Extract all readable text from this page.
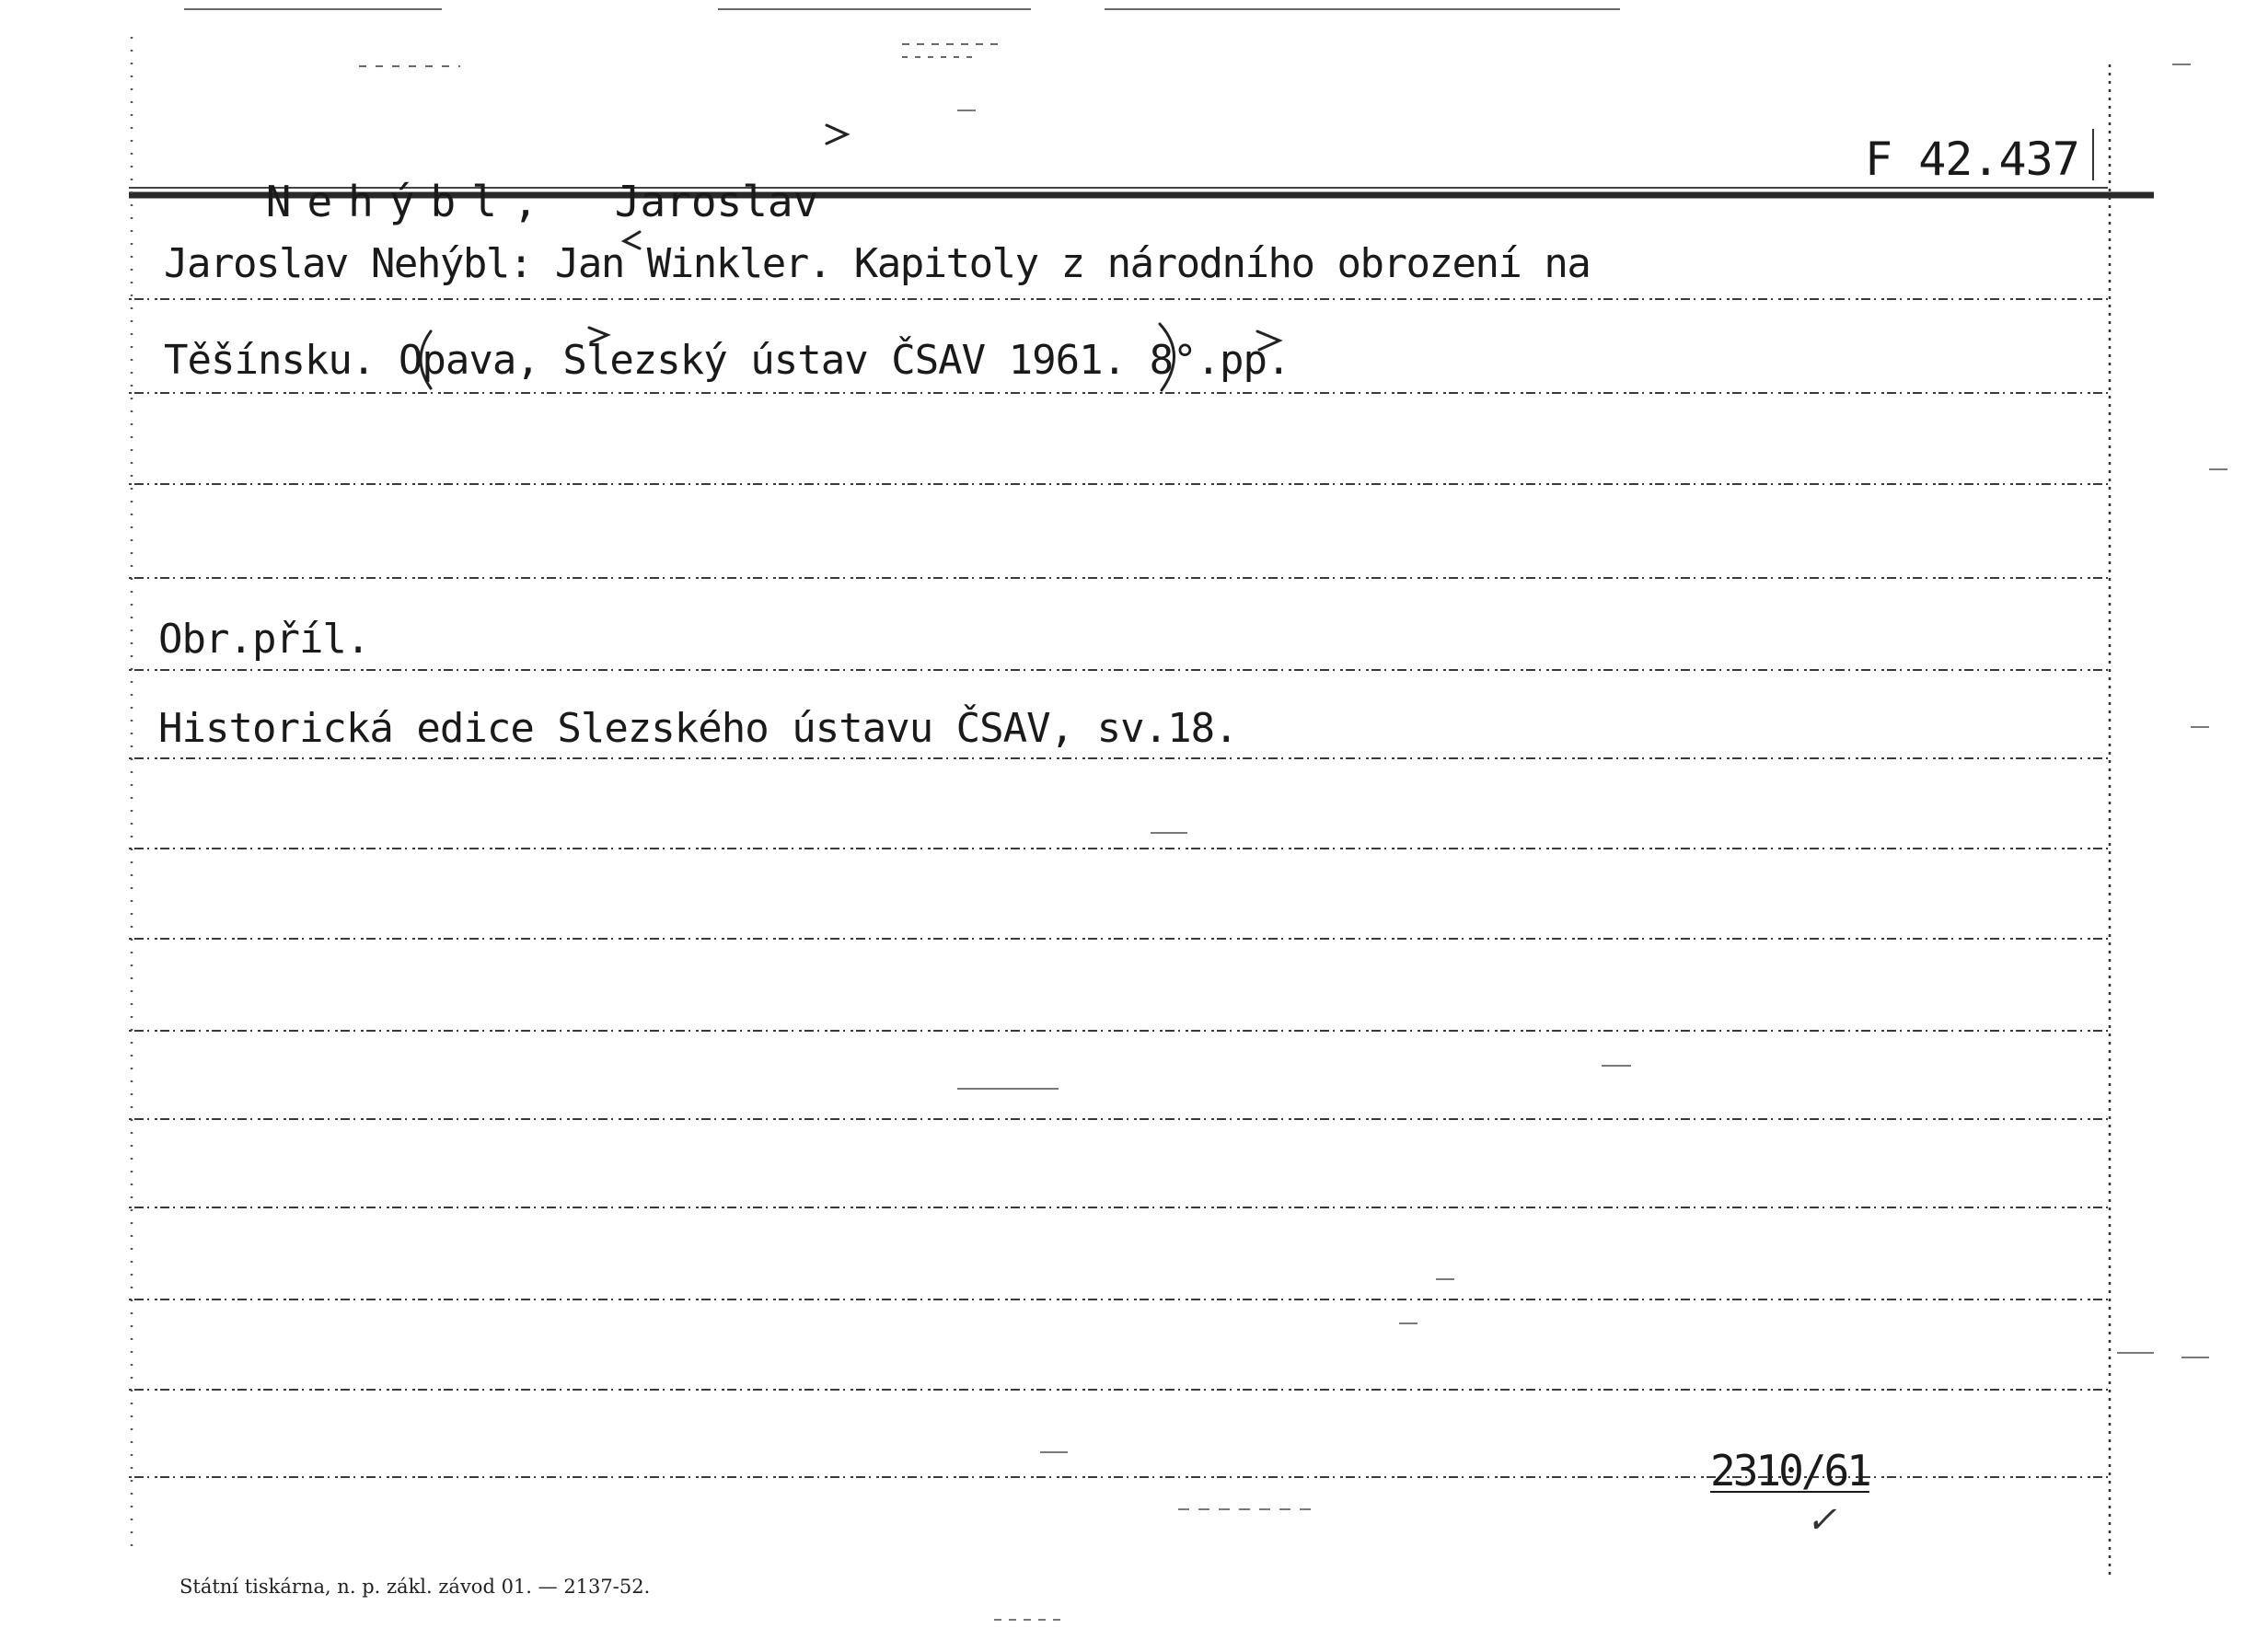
Nehýbl, Jaroslav

F 42.437
Jaroslav Nehýbl: Jan Winkler. Kapitoly z národního obrození na
Těšínsku. Opava, Slezský ústav ČSAV 1961. 8°.pp.
Obr.příl.
Historická edice Slezského ústavu ČSAV, sv.18.
2310/61
✓
Státní tiskárna, n. p. zákl. závod 01. — 2137-52.
